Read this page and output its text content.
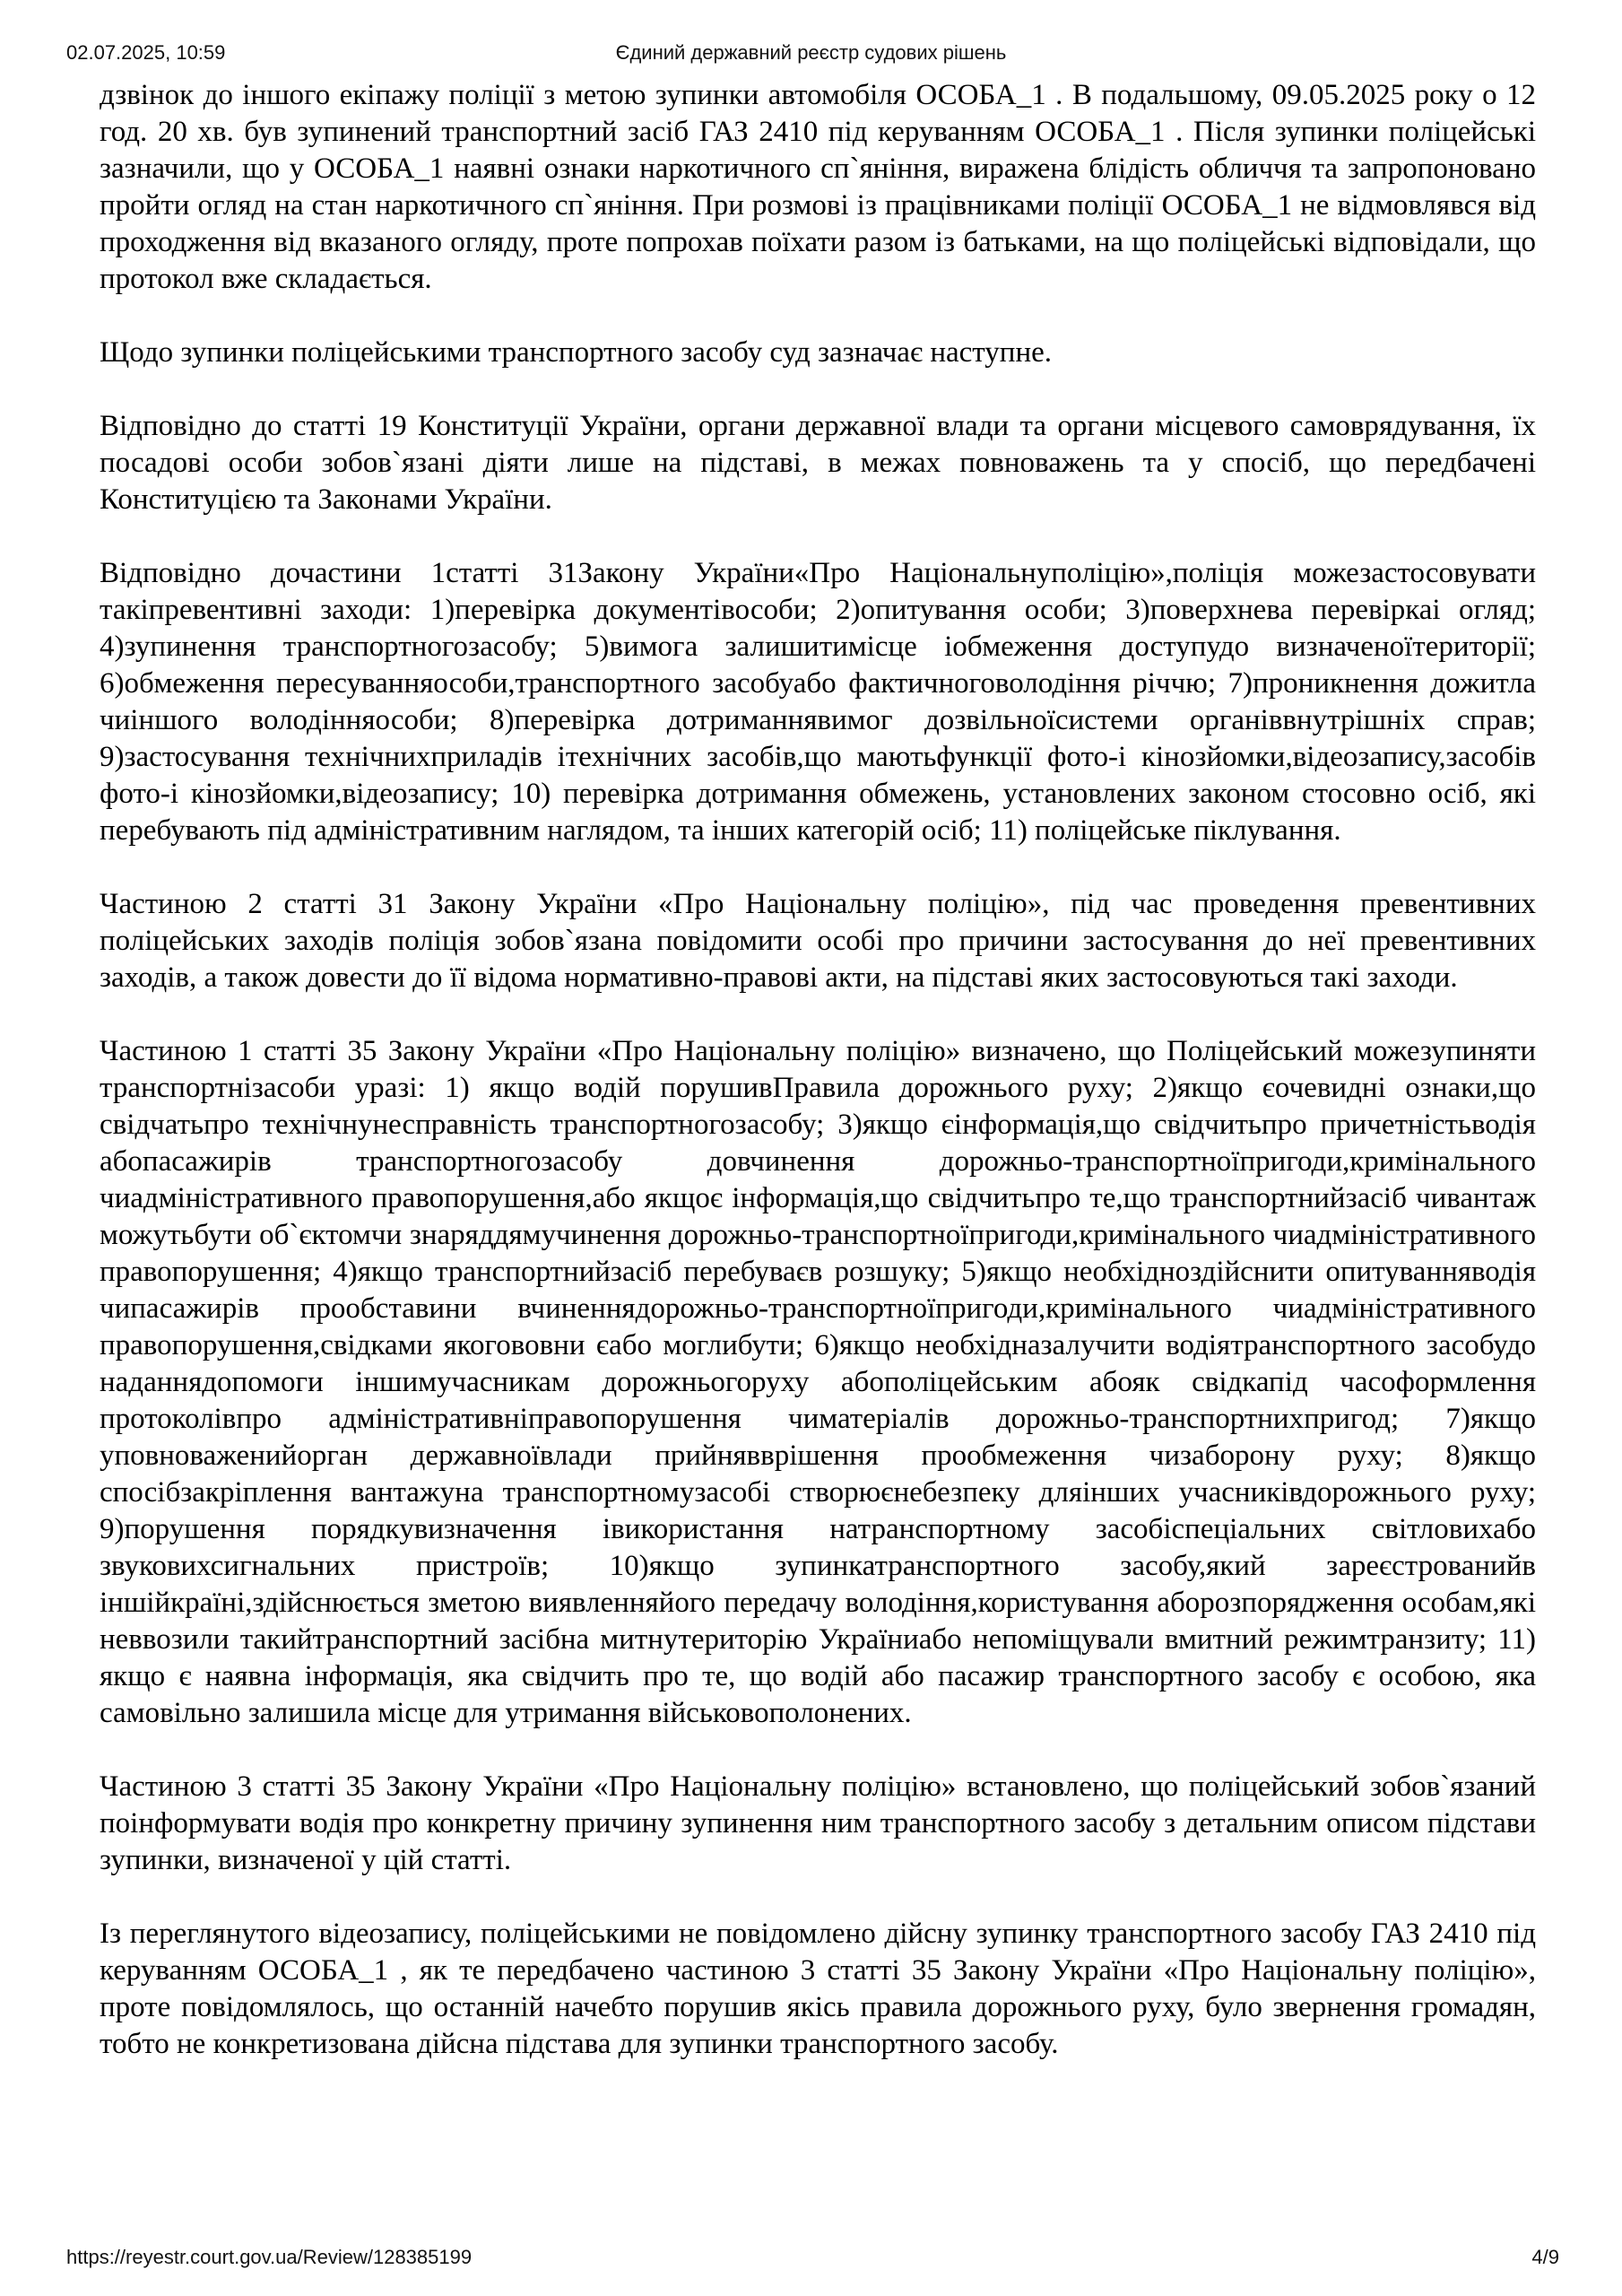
Єдиний державний реєстр судових рішень
02.07.2025, 10:59

дзвінок до іншого екіпажу поліції з метою зупинки автомобіля ОСОБА_1 . В подальшому, 09.05.2025 року о 12 год. 20 хв. був зупинений транспортний засіб ГАЗ 2410 під керуванням ОСОБА_1 . Після зупинки поліцейські зазначили, що у ОСОБА_1 наявні ознаки наркотичного сп`яніння, виражена блідість обличчя та запропоновано пройти огляд на стан наркотичного сп`яніння. При розмові із працівниками поліції ОСОБА_1 не відмовлявся від проходження від вказаного огляду, проте попрохав поїхати разом із батьками, на що поліцейські відповідали, що протокол вже складається.

Щодо зупинки поліцейськими транспортного засобу суд зазначає наступне.

Відповідно до статті 19 Конституції України, органи державної влади та органи місцевого самоврядування, їх посадові особи зобов`язані діяти лише на підставі, в межах повноважень та у спосіб, що передбачені Конституцією та Законами України.

Відповідно дочастини 1статті 31Закону України«Про Національнуполіцію»,поліція можезастосовувати такіпревентивні заходи: 1)перевірка документівособи; 2)опитування особи; 3)поверхнева перевіркаі огляд; 4)зупинення транспортногозасобу; 5)вимога залишитимісце іобмеження доступудо визначеноїтериторії; 6)обмеження пересуванняособи,транспортного засобуабо фактичноговолодіння річчю; 7)проникнення дожитла чиіншого володінняособи; 8)перевірка дотриманнявимог дозвільноїсистеми органіввнутрішніх справ; 9)застосування технічнихприладів ітехнічних засобів,що маютьфункції фото-і кінозйомки,відеозапису,засобів фото-і кінозйомки,відеозапису; 10) перевірка дотримання обмежень, установлених законом стосовно осіб, які перебувають під адміністративним наглядом, та інших категорій осіб; 11) поліцейське піклування.

Частиною 2 статті 31 Закону України «Про Національну поліцію», під час проведення превентивних поліцейських заходів поліція зобов`язана повідомити особі про причини застосування до неї превентивних заходів, а також довести до її відома нормативно-правові акти, на підставі яких застосовуються такі заходи.

Частиною 1 статті 35 Закону України «Про Національну поліцію» визначено, що Поліцейський можезупиняти транспортнізасоби уразі: 1) якщо водій порушивПравила дорожнього руху; 2)якщо єочевидні ознаки,що свідчатьпро технічнунесправність транспортногозасобу; 3)якщо єінформація,що свідчитьпро причетністьводія абопасажирів транспортногозасобу довчинення дорожньо-транспортноїпригоди,кримінального чиадміністративного правопорушення,або якщоє інформація,що свідчитьпро те,що транспортнийзасіб чивантаж можутьбути об`єктомчи знаряддямучинення дорожньо-транспортноїпригоди,кримінального чиадміністративного правопорушення; 4)якщо транспортнийзасіб перебуваєв розшуку; 5)якщо необхідноздійснити опитуванняводія чипасажирів прообставини вчиненнядорожньо-транспортноїпригоди,кримінального чиадміністративного правопорушення,свідками якогововни єабо моглибути; 6)якщо необхідназалучити водіятранспортного засобудо наданнядопомоги іншимучасникам дорожньогоруху абополіцейським абояк свідкапід часоформлення протоколівпро адміністративніправопорушення чиматеріалів дорожньо-транспортнихпригод; 7)якщо уповноваженийорган державноївлади прийнявврішення прообмеження чизаборону руху; 8)якщо спосібзакріплення вантажуна транспортномузасобі створюєнебезпеку дляінших учасниківдорожнього руху; 9)порушення порядкувизначення івикористання натранспортному засобіспеціальних світловихабо звуковихсигнальних пристроїв; 10)якщо зупинкатранспортного засобу,який зареєстрованийв іншійкраїні,здійснюється зметою виявленняйого передачу володіння,користування аборозпорядження особам,які неввозили такийтранспортний засібна митнутериторію Україниабо непоміщували вмитний режимтранзиту; 11) якщо є наявна інформація, яка свідчить про те, що водій або пасажир транспортного засобу є особою, яка самовільно залишила місце для утримання військовополонених.

Частиною 3 статті 35 Закону України «Про Національну поліцію» встановлено, що поліцейський зобов`язаний поінформувати водія про конкретну причину зупинення ним транспортного засобу з детальним описом підстави зупинки, визначеної у цій статті.

Із переглянутого відеозапису, поліцейськими не повідомлено дійсну зупинку транспортного засобу ГАЗ 2410 під керуванням ОСОБА_1 , як те передбачено частиною 3 статті 35 Закону України «Про Національну поліцію», проте повідомлялось, що останній начебто порушив якісь правила дорожнього руху, було звернення громадян, тобто не конкретизована дійсна підстава для зупинки транспортного засобу.

https://reyestr.court.gov.ua/Review/128385199	4/9
